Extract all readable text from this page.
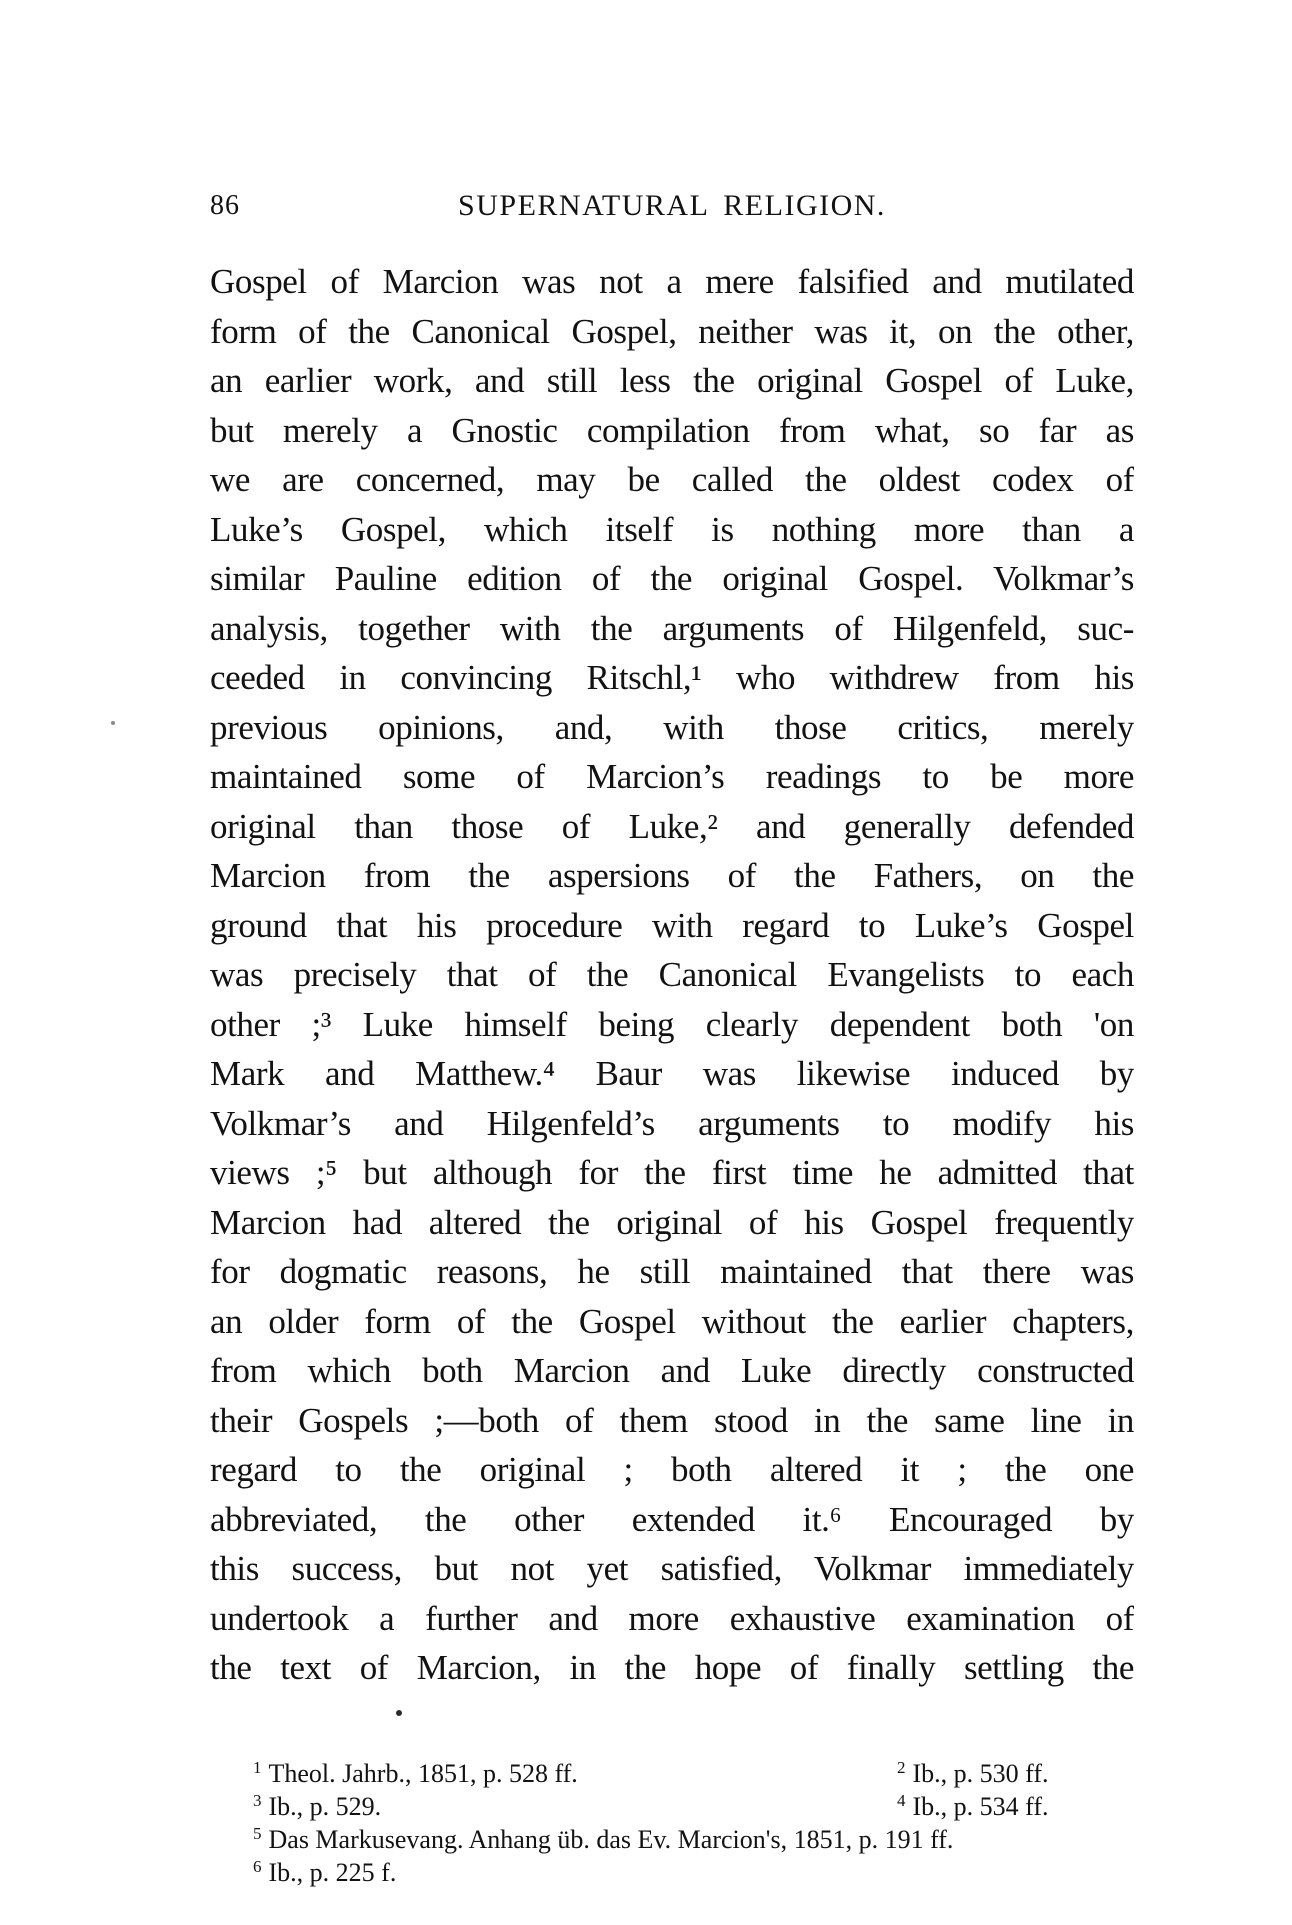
86	SUPERNATURAL RELIGION.
Gospel of Marcion was not a mere falsified and mutilated
form of the Canonical Gospel, neither was it, on the other,
an earlier work, and still less the original Gospel of Luke,
but merely a Gnostic compilation from what, so far as
we are concerned, may be called the oldest codex of
Luke’s Gospel, which itself is nothing more than a
similar Pauline edition of the original Gospel. Volkmar’s
analysis, together with the arguments of Hilgenfeld, suc-
ceeded in convincing Ritschl,¹ who withdrew from his
previous opinions, and, with those critics, merely
maintained some of Marcion’s readings to be more
original than those of Luke,² and generally defended
Marcion from the aspersions of the Fathers, on the
ground that his procedure with regard to Luke’s Gospel
was precisely that of the Canonical Evangelists to each
other ;³ Luke himself being clearly dependent both 'on
Mark and Matthew.⁴ Baur was likewise induced by
Volkmar’s and Hilgenfeld’s arguments to modify his
views ;⁵ but although for the first time he admitted that
Marcion had altered the original of his Gospel frequently
for dogmatic reasons, he still maintained that there was
an older form of the Gospel without the earlier chapters,
from which both Marcion and Luke directly constructed
their Gospels ;—both of them stood in the same line in
regard to the original ; both altered it ; the one
abbreviated, the other extended it.⁶ Encouraged by
this success, but not yet satisfied, Volkmar immediately
undertook a further and more exhaustive examination of
the text of Marcion, in the hope of finally settling the
$^1$ Theol. Jahrb., 1851, p. 528 ff.	$^2$ Ib., p. 530 ff.
$^3$ Ib., p. 529.	$^4$ Ib., p. 534 ff.
$^5$ Das Markusevang. Anhang üb. das Ev. Marcion's, 1851, p. 191 ff.
$^6$ Ib., p. 225 f.
